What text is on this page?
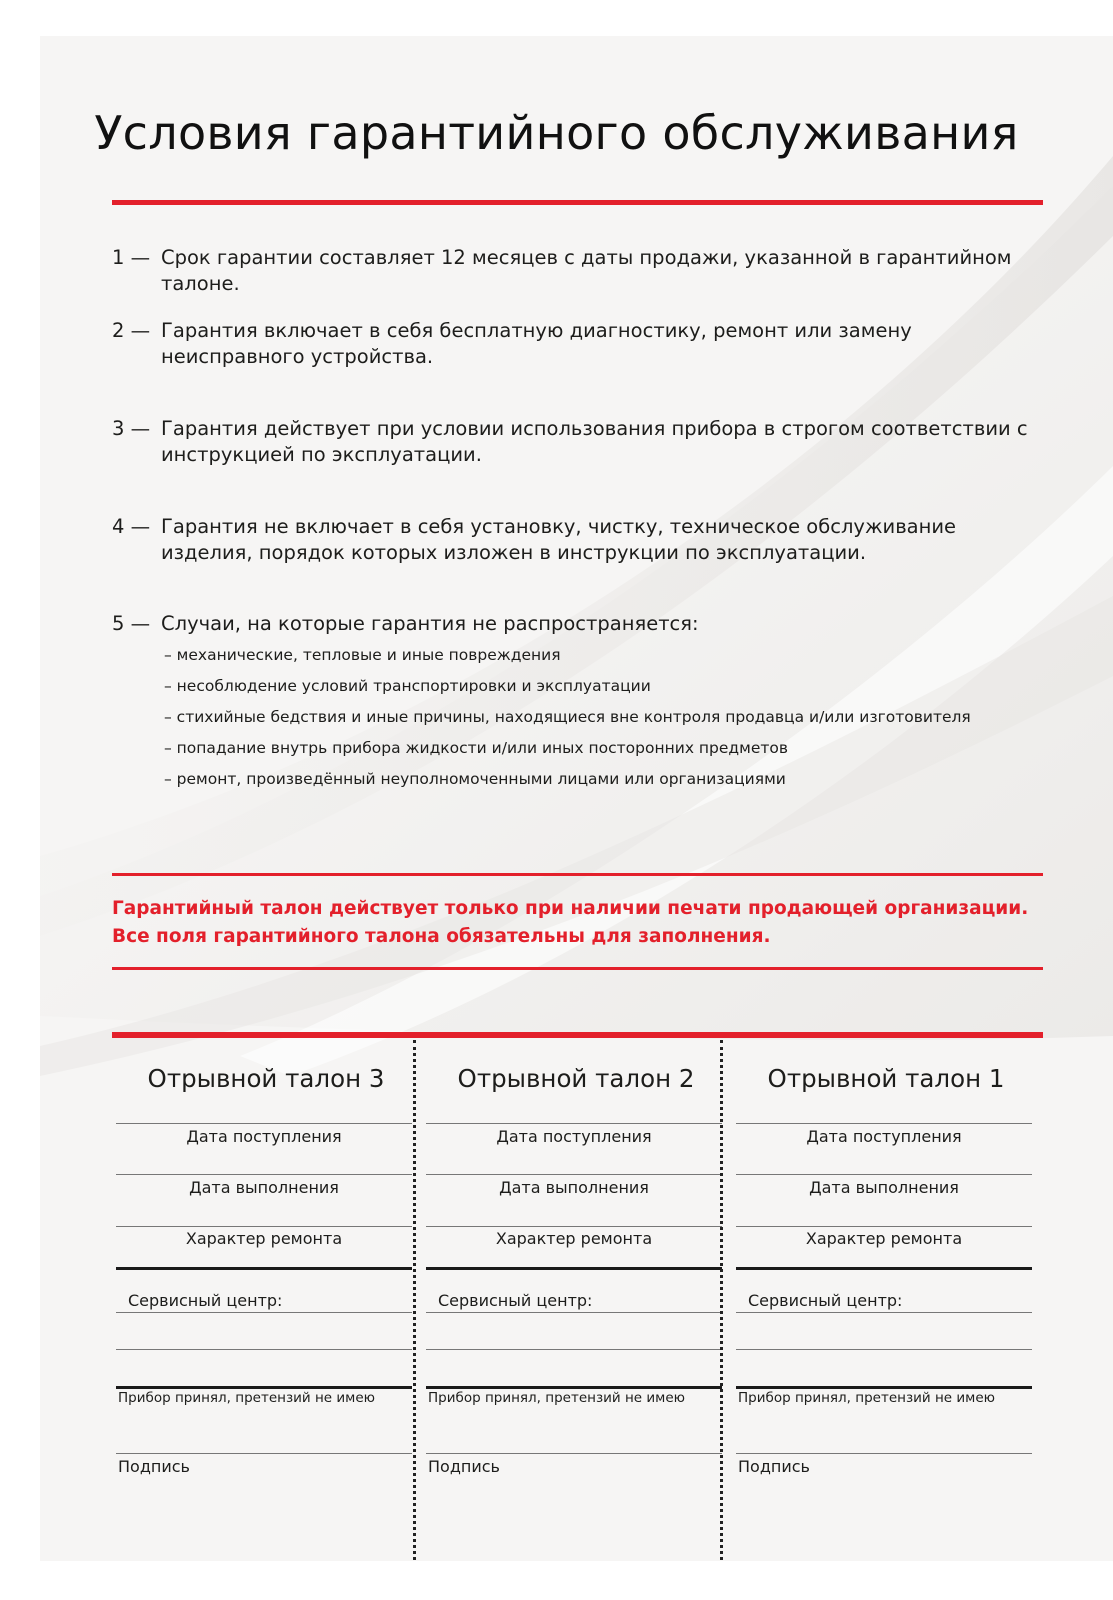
Условия гарантийного обслуживания
1 — Срок гарантии составляет 12 месяцев с даты продажи, указанной в гарантийном талоне.
2 — Гарантия включает в себя бесплатную диагностику, ремонт или замену неисправного устройства.
3 — Гарантия действует при условии использования прибора в строгом соответствии с инструкцией по эксплуатации.
4 — Гарантия не включает в себя установку, чистку, техническое обслуживание изделия, порядок которых изложен в инструкции по эксплуатации.
5 — Случаи, на которые гарантия не распространяется:
– механические, тепловые и иные повреждения
– несоблюдение условий транспортировки и эксплуатации
– стихийные бедствия и иные причины, находящиеся вне контроля продавца и/или изготовителя
– попадание внутрь прибора жидкости и/или иных посторонних предметов
– ремонт, произведённый неуполномоченными лицами или организациями
Гарантийный талон действует только при наличии печати продающей организации.
Все поля гарантийного талона обязательны для заполнения.
Отрывной талон 3
Дата поступления
Дата выполнения
Характер ремонта
Сервисный центр:
Прибор принял, претензий не имею
Подпись
Отрывной талон 2
Дата поступления
Дата выполнения
Характер ремонта
Сервисный центр:
Прибор принял, претензий не имею
Подпись
Отрывной талон 1
Дата поступления
Дата выполнения
Характер ремонта
Сервисный центр:
Прибор принял, претензий не имею
Подпись
